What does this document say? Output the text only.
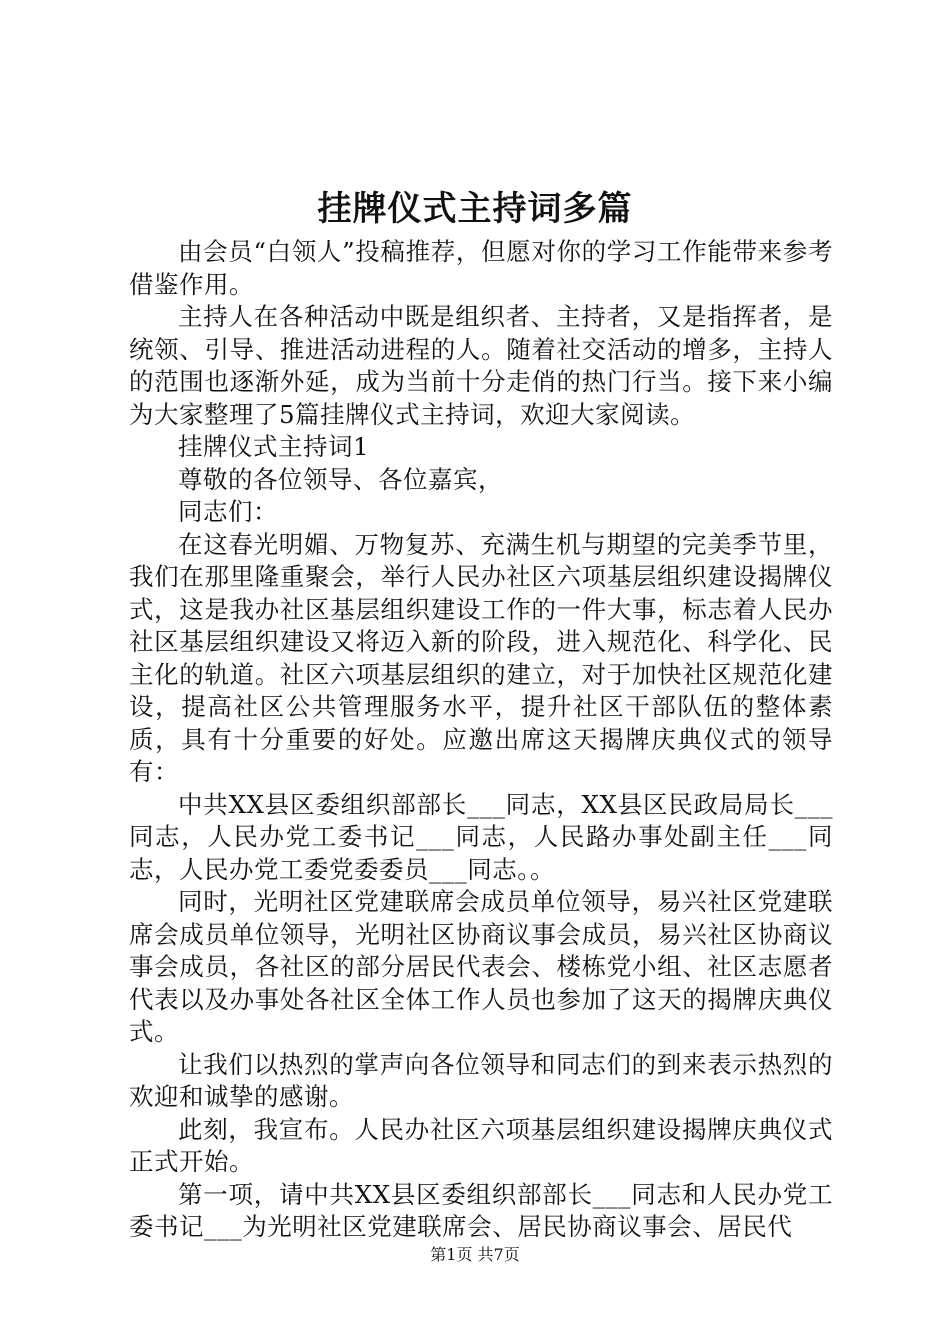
挂牌仪式主持词多篇

由会员“白领人”投稿推荐，但愿对你的学习工作能带来参考借鉴作用。

主持人在各种活动中既是组织者、主持者，又是指挥者，是统领、引导、推进活动进程的人。随着社交活动的增多，主持人的范围也逐渐外延，成为当前十分走俏的热门行当。接下来小编为大家整理了5篇挂牌仪式主持词，欢迎大家阅读。

挂牌仪式主持词1

尊敬的各位领导、各位嘉宾，

同志们：

在这春光明媚、万物复苏、充满生机与期望的完美季节里，我们在那里隆重聚会，举行人民办社区六项基层组织建设揭牌仪式，这是我办社区基层组织建设工作的一件大事，标志着人民办社区基层组织建设又将迈入新的阶段，进入规范化、科学化、民主化的轨道。社区六项基层组织的建立，对于加快社区规范化建设，提高社区公共管理服务水平，提升社区干部队伍的整体素质，具有十分重要的好处。应邀出席这天揭牌庆典仪式的领导有：

中共XX县区委组织部部长___同志，XX县区民政局局长___同志，人民办党工委书记___同志，人民路办事处副主任___同志，人民办党工委党委委员___同志。。

同时，光明社区党建联席会成员单位领导，易兴社区党建联席会成员单位领导，光明社区协商议事会成员，易兴社区协商议事会成员，各社区的部分居民代表会、楼栋党小组、社区志愿者代表以及办事处各社区全体工作人员也参加了这天的揭牌庆典仪式。

让我们以热烈的掌声向各位领导和同志们的到来表示热烈的欢迎和诚挚的感谢。

此刻，我宣布。人民办社区六项基层组织建设揭牌庆典仪式正式开始。

第一项，请中共XX县区委组织部部长___同志和人民办党工委书记___为光明社区党建联席会、居民协商议事会、居民代

第1页 共7页
